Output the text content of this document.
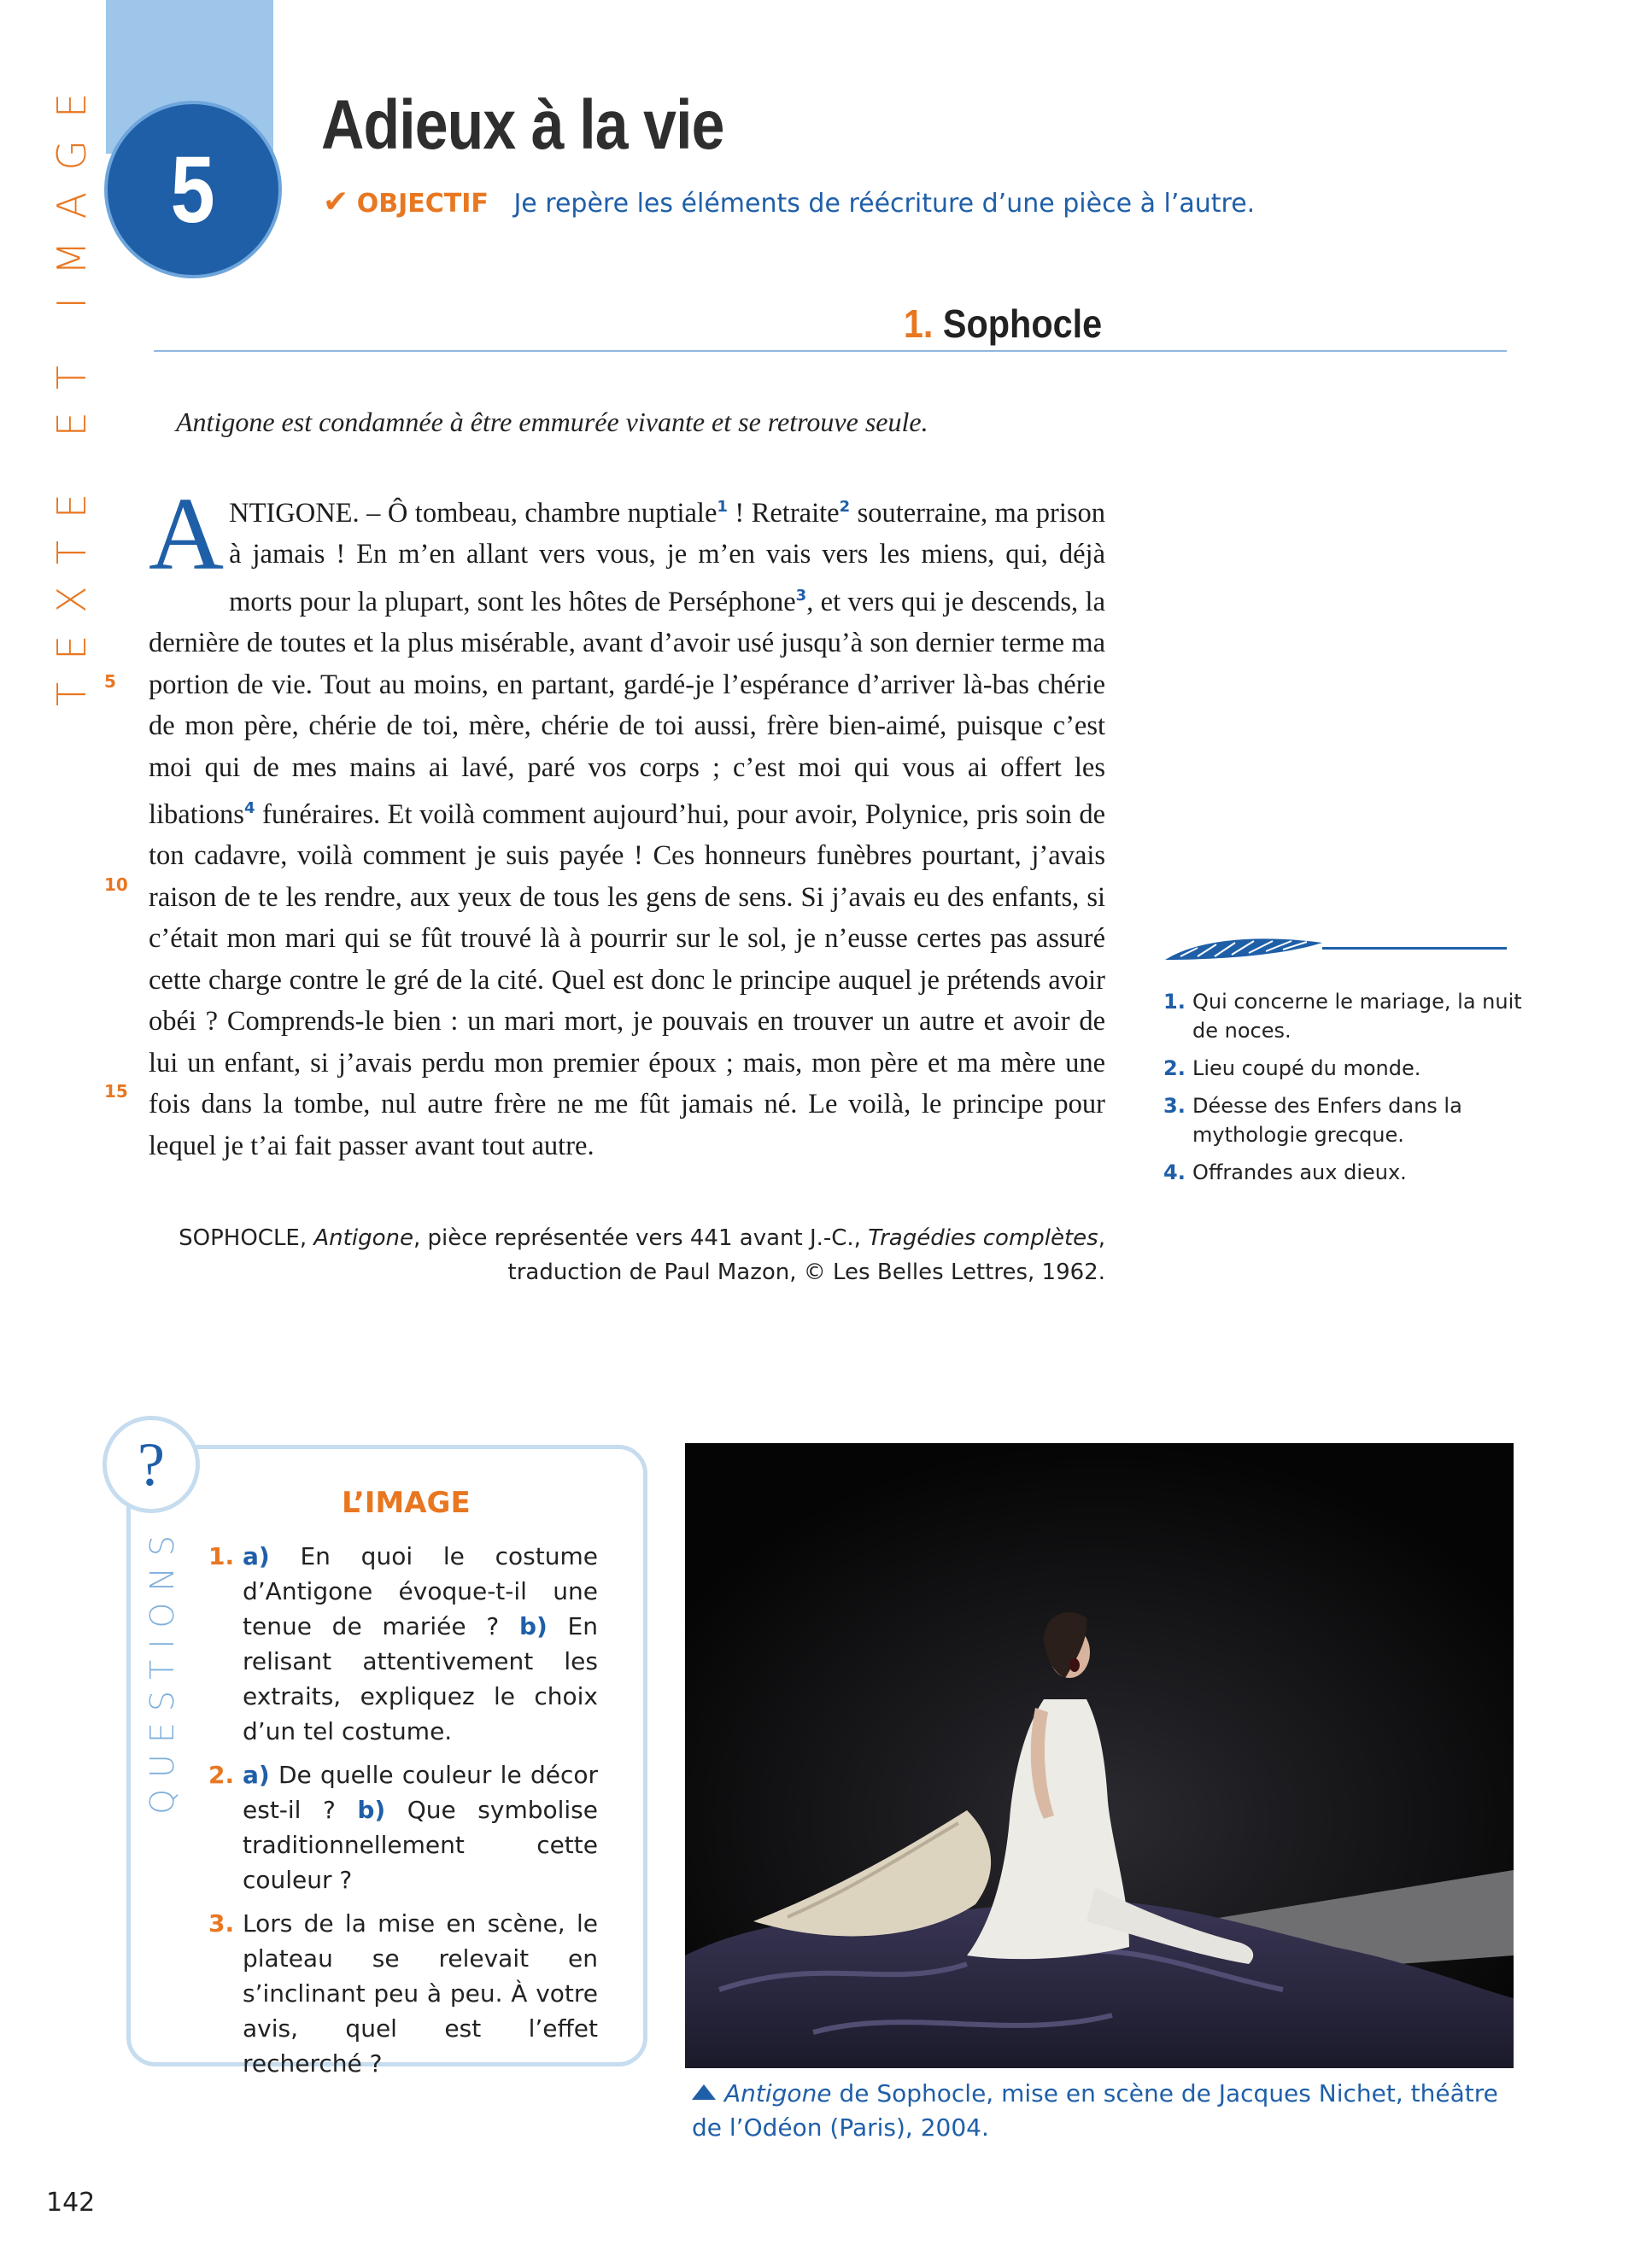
TEXTE ET IMAGE 5
Adieux à la vie
✔ OBJECTIF Je repère les éléments de réécriture d’une pièce à l’autre.
1. Sophocle
Antigone est condamnée à être emmurée vivante et se retrouve seule.
5
10
15
ANTIGONE. – Ô tombeau, chambre nuptiale$^1$ ! Retraite$^2$ souterraine, ma prison à jamais ! En m’en allant vers vous, je m’en vais vers les miens, qui, déjà morts pour la plupart, sont les hôtes de Perséphone$^3$, et vers qui je descends, la dernière de toutes et la plus misérable, avant d’avoir usé jusqu’à son dernier terme ma portion de vie. Tout au moins, en partant, gardé-je l’espérance d’arriver là-bas chérie de mon père, chérie de toi, mère, chérie de toi aussi, frère bien-aimé, puisque c’est moi qui de mes mains ai lavé, paré vos corps ; c’est moi qui vous ai offert les libations$^4$ funéraires. Et voilà comment aujourd’hui, pour avoir, Polynice, pris soin de ton cadavre, voilà comment je suis payée ! Ces honneurs funèbres pourtant, j’avais raison de te les rendre, aux yeux de tous les gens de sens. Si j’avais eu des enfants, si c’était mon mari qui se fût trouvé là à pourrir sur le sol, je n’eusse certes pas assuré cette charge contre le gré de la cité. Quel est donc le principe auquel je prétends avoir obéi ? Comprends-le bien : un mari mort, je pouvais en trouver un autre et avoir de lui un enfant, si j’avais perdu mon premier époux ; mais, mon père et ma mère une fois dans la tombe, nul autre frère ne me fût jamais né. Le voilà, le principe pour lequel je t’ai fait passer avant tout autre.
SOPHOCLE, Antigone, pièce représentée vers 441 avant J.-C., Tragédies complètes,
traduction de Paul Mazon, © Les Belles Lettres, 1962.
1. Qui concerne le mariage, la nuit de noces.
2. Lieu coupé du monde.
3. Déesse des Enfers dans la mythologie grecque.
4. Offrandes aux dieux.
?
QUESTIONS
L’IMAGE
1. a) En quoi le costume d’Antigone évoque-t-il une tenue de mariée ? b) En relisant attentivement les extraits, expliquez le choix d’un tel costume.
2. a) De quelle couleur le décor est-il ? b) Que symbolise traditionnellement cette couleur ?
3. Lors de la mise en scène, le plateau se relevait en s’inclinant peu à peu. À votre avis, quel est l’effet recherché ?
Antigone de Sophocle, mise en scène de Jacques Nichet, théâtre de l’Odéon (Paris), 2004.
142
